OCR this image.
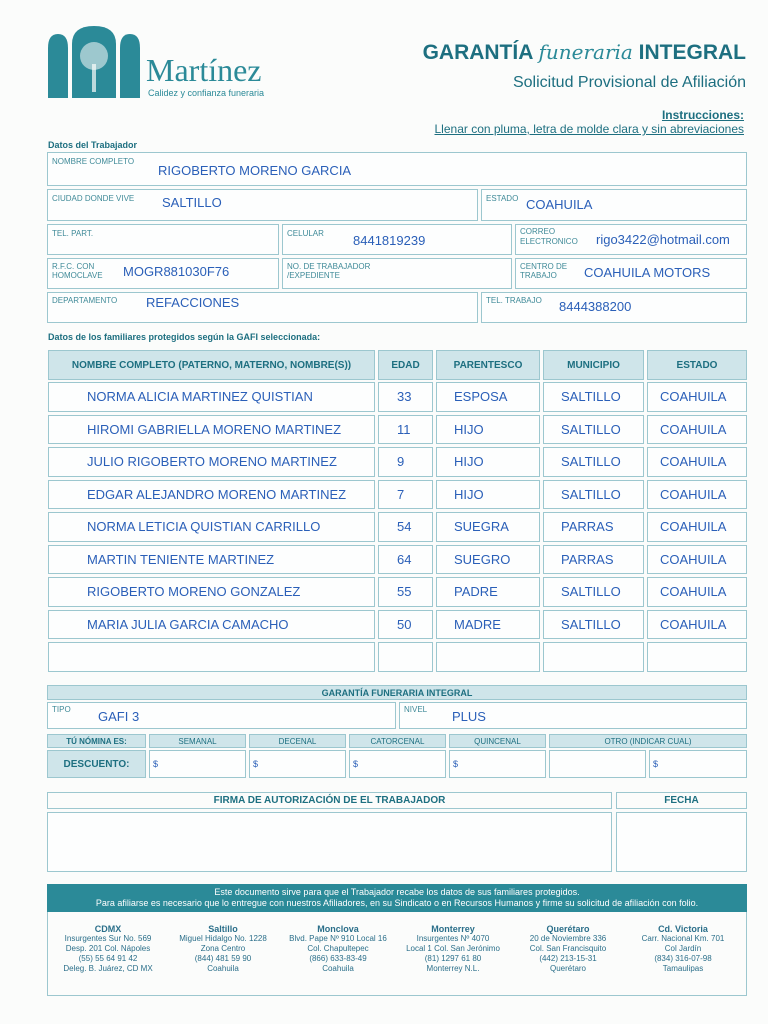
Martínez
Calidez y confianza funeraria
GARANTÍA funeraria INTEGRAL
Solicitud Provisional de Afiliación
Instrucciones:
Llenar con pluma, letra de molde clara y sin abreviaciones
Datos del Trabajador
NOMBRE COMPLETO
RIGOBERTO MORENO GARCIA
CIUDAD DONDE VIVE SALTILLO	ESTADO COAHUILA
TEL. PART.	CELULAR 8441819239
CORREO
ELECTRONICO rigo3422@hotmail.com
R.F.C. CON
HOMOCLAVE MOGR881030F76	NO. DE TRABAJADOR
/EXPEDIENTE
CENTRO DE
TRABAJO COAHUILA MOTORS
DEPARTAMENTO REFACCIONES	TEL. TRABAJO 8444388200
Datos de los familiares protegidos según la GAFI seleccionada:
NOMBRE COMPLETO (PATERNO, MATERNO, NOMBRE(S))	EDAD	PARENTESCO	MUNICIPIO	ESTADO
NORMA ALICIA MARTINEZ QUISTIAN	33	ESPOSA	SALTILLO	COAHUILA
HIROMI GABRIELLA MORENO MARTINEZ	11	HIJO	SALTILLO	COAHUILA
JULIO RIGOBERTO MORENO MARTINEZ	9	HIJO	SALTILLO	COAHUILA
EDGAR ALEJANDRO MORENO MARTINEZ	7	HIJO	SALTILLO	COAHUILA
NORMA LETICIA QUISTIAN CARRILLO	54	SUEGRA	PARRAS	COAHUILA
MARTIN TENIENTE MARTINEZ	64	SUEGRO	PARRAS	COAHUILA
RIGOBERTO MORENO GONZALEZ	55	PADRE	SALTILLO	COAHUILA
MARIA JULIA GARCIA CAMACHO	50	MADRE	SALTILLO	COAHUILA
GARANTÍA FUNERARIA INTEGRAL
TIPO GAFI 3	NIVEL PLUS
TÚ NÓMINA ES:	SEMANAL	DECENAL	CATORCENAL	QUINCENAL	OTRO (INDICAR CUAL)
DESCUENTO:	$	$	$	$	$
FIRMA DE AUTORIZACIÓN DE EL TRABAJADOR	FECHA
Este documento sirve para que el Trabajador recabe los datos de sus familiares protegidos.
Para afiliarse es necesario que lo entregue con nuestros Afiliadores, en su Sindicato o en Recursos Humanos y firme su solicitud de afiliación con folio.
CDMX
Insurgentes Sur No. 569
Desp. 201 Col. Nápoles
(55) 55 64 91 42
Deleg. B. Juárez, CD MX
Saltillo
Miguel Hidalgo No. 1228
Zona Centro
(844) 481 59 90
Coahuila
Monclova
Blvd. Pape Nº 910 Local 16
Col. Chapultepec
(866) 633-83-49
Coahuila
Monterrey
Insurgentes Nº 4070
Local 1 Col. San Jerónimo
(81) 1297 61 80
Monterrey N.L.
Querétaro
20 de Noviembre 336
Col. San Francisquito
(442) 213-15-31
Querétaro
Cd. Victoria
Carr. Nacional Km. 701
Col Jardín
(834) 316-07-98
Tamaulipas
